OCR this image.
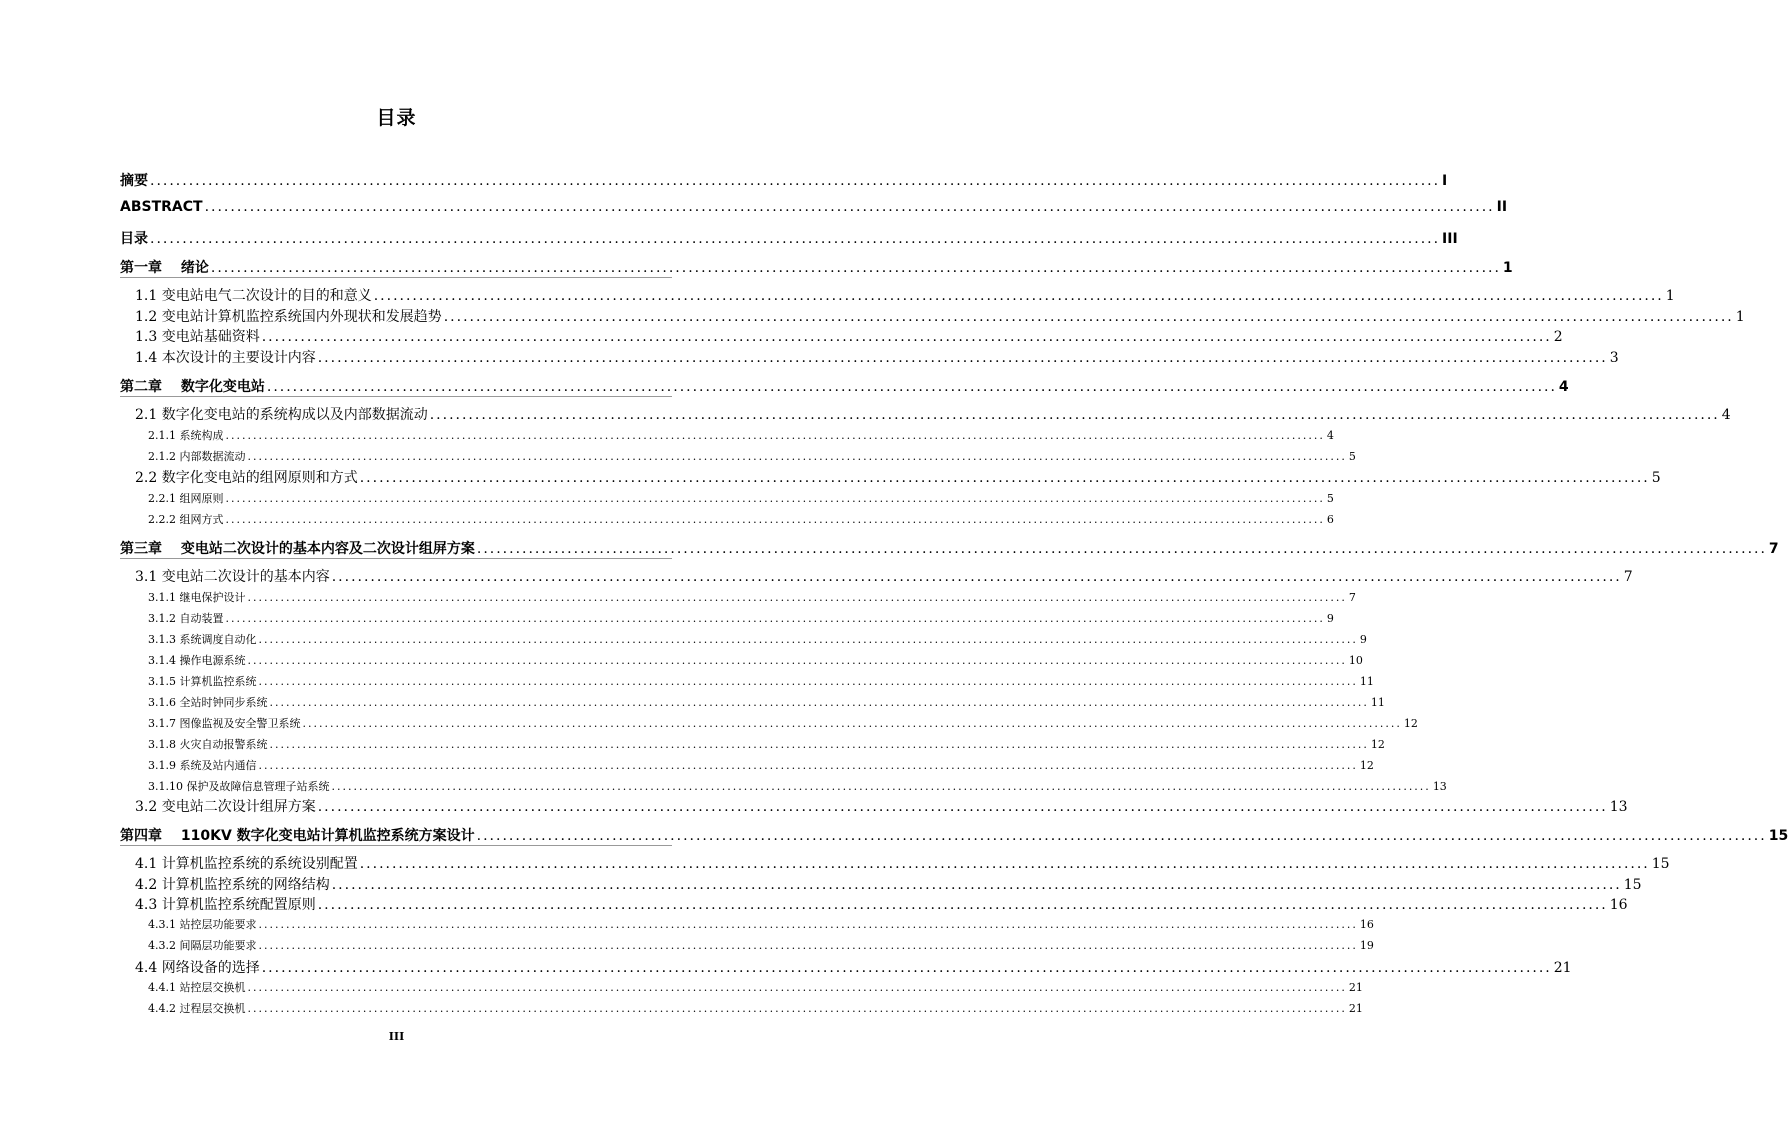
目录
摘要 ........................................................................................................................................................................................................ I
ABSTRACT ........................................................................................................................................................................................................ II
目录 ........................................................................................................................................................................................................ III
第一章　 绪论 ........................................................................................................................................................................................................ 1
1.1 变电站电气二次设计的目的和意义 ........................................................................................................................................................................................................ 1
1.2 变电站计算机监控系统国内外现状和发展趋势 ........................................................................................................................................................................................................ 1
1.3 变电站基础资料 ........................................................................................................................................................................................................ 2
1.4 本次设计的主要设计内容 ........................................................................................................................................................................................................ 3
第二章　 数字化变电站 ........................................................................................................................................................................................................ 4
2.1 数字化变电站的系统构成以及内部数据流动 ........................................................................................................................................................................................................ 4
2.1.1 系统构成 ........................................................................................................................................................................................................ 4
2.1.2 内部数据流动 ........................................................................................................................................................................................................ 5
2.2 数字化变电站的组网原则和方式 ........................................................................................................................................................................................................ 5
2.2.1 组网原则 ........................................................................................................................................................................................................ 5
2.2.2 组网方式 ........................................................................................................................................................................................................ 6
第三章　 变电站二次设计的基本内容及二次设计组屏方案 ........................................................................................................................................................................................................ 7
3.1 变电站二次设计的基本内容 ........................................................................................................................................................................................................ 7
3.1.1 继电保护设计 ........................................................................................................................................................................................................ 7
3.1.2 自动装置 ........................................................................................................................................................................................................ 9
3.1.3 系统调度自动化 ........................................................................................................................................................................................................ 9
3.1.4 操作电源系统 ........................................................................................................................................................................................................ 10
3.1.5 计算机监控系统 ........................................................................................................................................................................................................ 11
3.1.6 全站时钟同步系统 ........................................................................................................................................................................................................ 11
3.1.7 图像监视及安全警卫系统 ........................................................................................................................................................................................................ 12
3.1.8 火灾自动报警系统 ........................................................................................................................................................................................................ 12
3.1.9 系统及站内通信 ........................................................................................................................................................................................................ 12
3.1.10 保护及故障信息管理子站系统 ........................................................................................................................................................................................................ 13
3.2 变电站二次设计组屏方案 ........................................................................................................................................................................................................ 13
第四章　 110KV 数字化变电站计算机监控系统方案设计 ........................................................................................................................................................................................................ 15
4.1 计算机监控系统的系统设别配置 ........................................................................................................................................................................................................ 15
4.2 计算机监控系统的网络结构 ........................................................................................................................................................................................................ 15
4.3 计算机监控系统配置原则 ........................................................................................................................................................................................................ 16
4.3.1 站控层功能要求 ........................................................................................................................................................................................................ 16
4.3.2 间隔层功能要求 ........................................................................................................................................................................................................ 19
4.4 网络设备的选择 ........................................................................................................................................................................................................ 21
4.4.1 站控层交换机 ........................................................................................................................................................................................................ 21
4.4.2 过程层交换机 ........................................................................................................................................................................................................ 21
III
